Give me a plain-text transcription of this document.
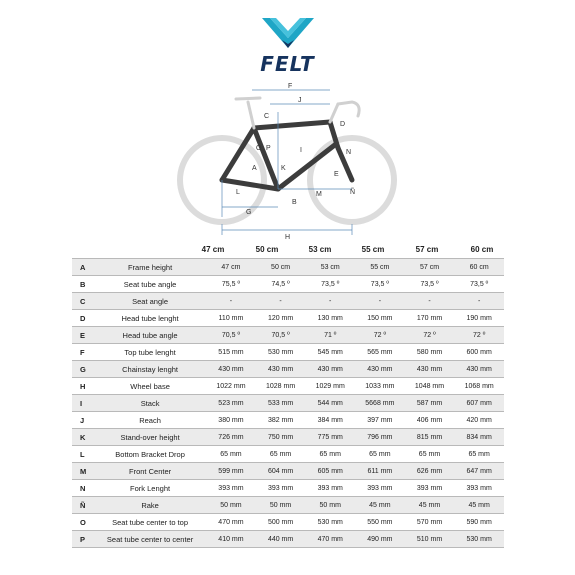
FELT
F
J
C
D
O P	I	N
A	K
E
L
G
B
M	Ñ
H
47 cm	50 cm	53 cm	55 cm	57 cm	60 cm
A	Frame height	47 cm	50 cm	53 cm	55 cm	57 cm	60 cm
B	Seat tube angle	75,5 º	74,5 º	73,5 º	73,5 º	73,5 º	73,5 º
C	Seat angle	-	-	-	-	-	-
D	Head tube lenght	110 mm	120 mm	130 mm	150 mm	170 mm	190 mm
E	Head tube angle	70,5 º	70,5 º	71 º	72 º	72 º	72 º
F	Top tube lenght	515 mm	530 mm	545 mm	565 mm	580 mm	600 mm
G	Chainstay lenght	430 mm	430 mm	430 mm	430 mm	430 mm	430 mm
H	Wheel base	1022 mm	1028 mm	1029 mm	1033 mm	1048 mm	1068 mm
I	Stack	523 mm	533 mm	544 mm	5668 mm	587 mm	607 mm
J	Reach	380 mm	382 mm	384 mm	397 mm	406 mm	420 mm
K	Stand-over height	726 mm	750 mm	775 mm	796 mm	815 mm	834 mm
L	Bottom Bracket Drop	65 mm	65 mm	65 mm	65 mm	65 mm	65 mm
M	Front Center	599 mm	604 mm	605 mm	611 mm	626 mm	647 mm
N	Fork Lenght	393 mm	393 mm	393 mm	393 mm	393 mm	393 mm
Ñ	Rake	50 mm	50 mm	50 mm	45 mm	45 mm	45 mm
O	Seat tube center to top	470 mm	500 mm	530 mm	550 mm	570 mm	590 mm
P	Seat tube center to center	410 mm	440 mm	470 mm	490 mm	510 mm	530 mm
